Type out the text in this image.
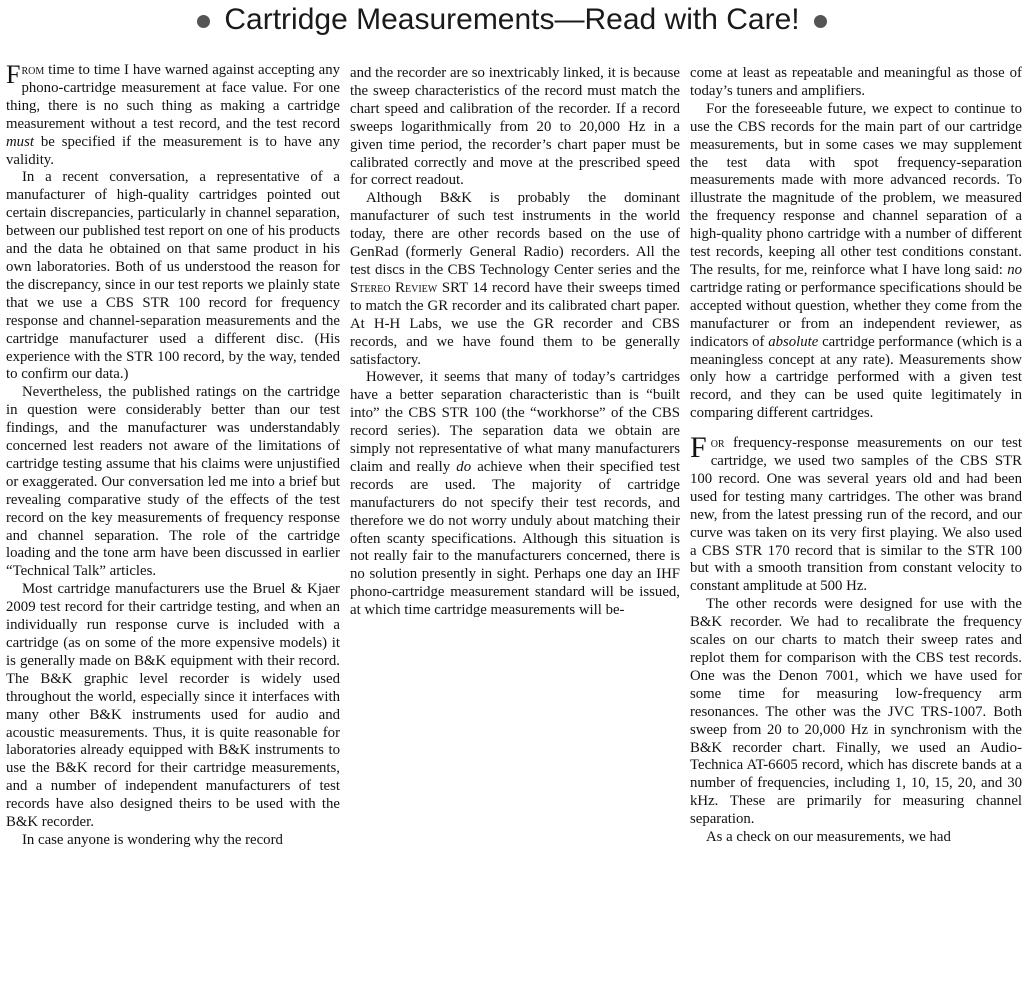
Cartridge Measurements—Read with Care!

From time to time I have warned against accepting any phono-cartridge measurement at face value. For one thing, there is no such thing as making a cartridge measurement without a test record, and the test record must be specified if the measurement is to have any validity.

In a recent conversation, a representative of a manufacturer of high-quality cartridges pointed out certain discrepancies, particularly in channel separation, between our published test report on one of his products and the data he obtained on that same product in his own laboratories. Both of us understood the reason for the discrepancy, since in our test reports we plainly state that we use a CBS STR 100 record for frequency response and channel-separation measurements and the cartridge manufacturer used a different disc. (His experience with the STR 100 record, by the way, tended to confirm our data.)

Nevertheless, the published ratings on the cartridge in question were considerably better than our test findings, and the manufacturer was understandably concerned lest readers not aware of the limitations of cartridge testing assume that his claims were unjustified or exaggerated. Our conversation led me into a brief but revealing comparative study of the effects of the test record on the key measurements of frequency response and channel separation. The role of the cartridge loading and the tone arm have been discussed in earlier “Technical Talk” articles.

Most cartridge manufacturers use the Bruel & Kjaer 2009 test record for their cartridge testing, and when an individually run response curve is included with a cartridge (as on some of the more expensive models) it is generally made on B&K equipment with their record. The B&K graphic level recorder is widely used throughout the world, especially since it interfaces with many other B&K instruments used for audio and acoustic measurements. Thus, it is quite reasonable for laboratories already equipped with B&K instruments to use the B&K record for their cartridge measurements, and a number of independent manufacturers of test records have also designed theirs to be used with the B&K recorder.

In case anyone is wondering why the record

and the recorder are so inextricably linked, it is because the sweep characteristics of the record must match the chart speed and calibration of the recorder. If a record sweeps logarithmically from 20 to 20,000 Hz in a given time period, the recorder’s chart paper must be calibrated correctly and move at the prescribed speed for correct readout.

Although B&K is probably the dominant manufacturer of such test instruments in the world today, there are other records based on the use of GenRad (formerly General Radio) recorders. All the test discs in the CBS Technology Center series and the Stereo Review SRT 14 record have their sweeps timed to match the GR recorder and its calibrated chart paper. At H-H Labs, we use the GR recorder and CBS records, and we have found them to be generally satisfactory.

However, it seems that many of today’s cartridges have a better separation characteristic than is “built into” the CBS STR 100 (the “workhorse” of the CBS record series). The separation data we obtain are simply not representative of what many manufacturers claim and really do achieve when their specified test records are used. The majority of cartridge manufacturers do not specify their test records, and therefore we do not worry unduly about matching their often scanty specifications. Although this situation is not really fair to the manufacturers concerned, there is no solution presently in sight. Perhaps one day an IHF phono-cartridge measurement standard will be issued, at which time cartridge measurements will be-

come at least as repeatable and meaningful as those of today’s tuners and amplifiers.

For the foreseeable future, we expect to continue to use the CBS records for the main part of our cartridge measurements, but in some cases we may supplement the test data with spot frequency-separation measurements made with more advanced records. To illustrate the magnitude of the problem, we measured the frequency response and channel separation of a high-quality phono cartridge with a number of different test records, keeping all other test conditions constant. The results, for me, reinforce what I have long said: no cartridge rating or performance specifications should be accepted without question, whether they come from the manufacturer or from an independent reviewer, as indicators of absolute cartridge performance (which is a meaningless concept at any rate). Measurements show only how a cartridge performed with a given test record, and they can be used quite legitimately in comparing different cartridges.

For frequency-response measurements on our test cartridge, we used two samples of the CBS STR 100 record. One was several years old and had been used for testing many cartridges. The other was brand new, from the latest pressing run of the record, and our curve was taken on its very first playing. We also used a CBS STR 170 record that is similar to the STR 100 but with a smooth transition from constant velocity to constant amplitude at 500 Hz.

The other records were designed for use with the B&K recorder. We had to recalibrate the frequency scales on our charts to match their sweep rates and replot them for comparison with the CBS test records. One was the Denon 7001, which we have used for some time for measuring low-frequency arm resonances. The other was the JVC TRS-1007. Both sweep from 20 to 20,000 Hz in synchronism with the B&K recorder chart. Finally, we used an Audio-Technica AT-6605 record, which has discrete bands at a number of frequencies, including 1, 10, 15, 20, and 30 kHz. These are primarily for measuring channel separation.

As a check on our measurements, we had
